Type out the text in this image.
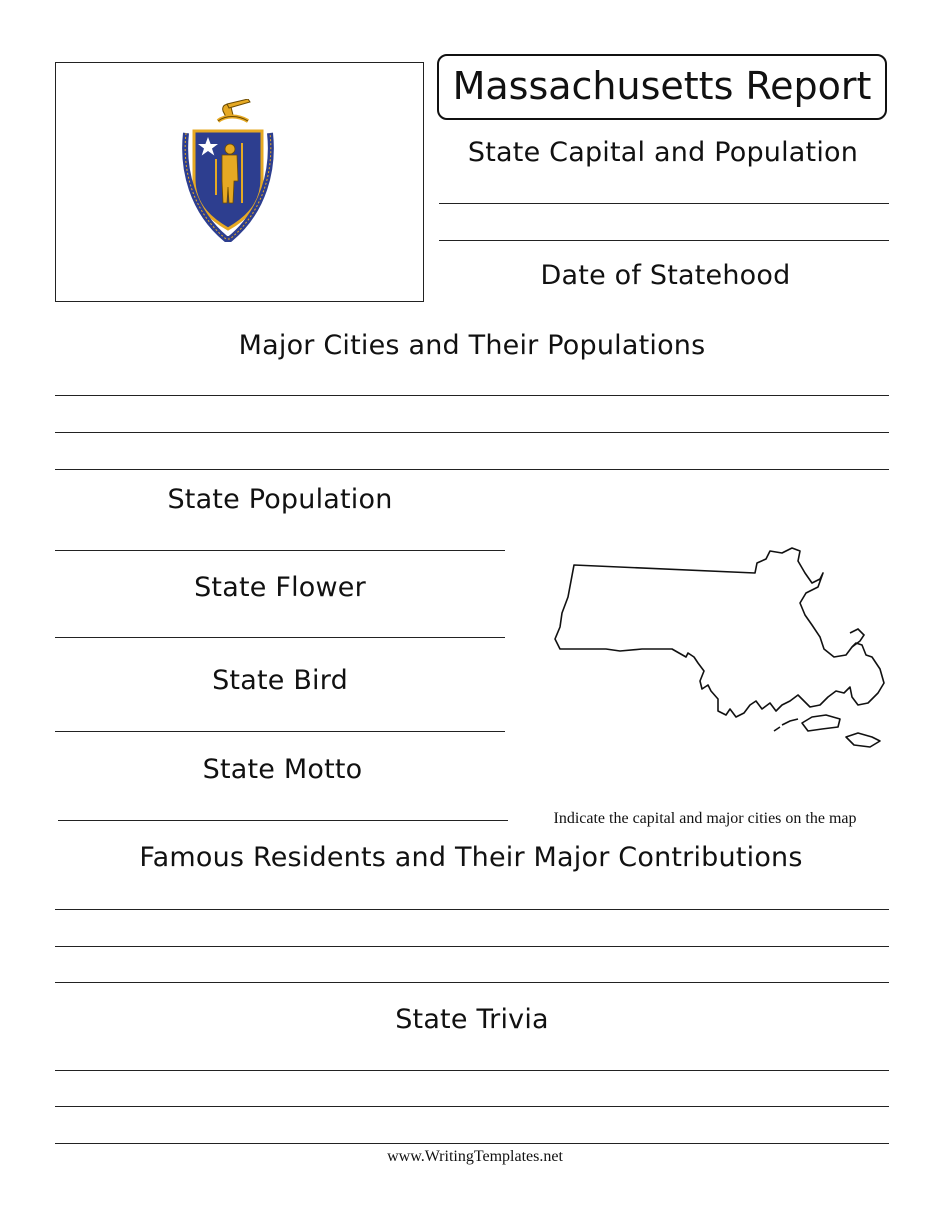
Massachusetts Report
State Capital and Population
Date of Statehood
Major Cities and Their Populations
State Population
State Flower
State Bird
State Motto
Indicate the capital and major cities on the map
Famous Residents and Their Major Contributions
State Trivia
www.WritingTemplates.net
